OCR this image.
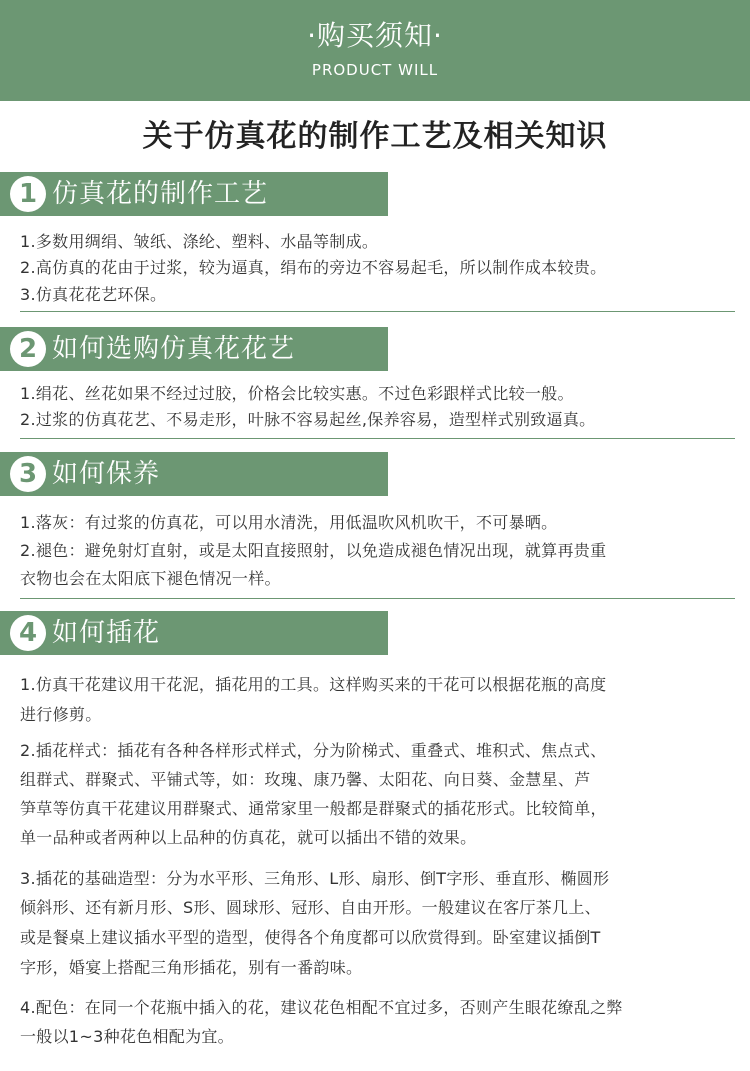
·购买须知·
PRODUCT WILL
关于仿真花的制作工艺及相关知识
1 仿真花的制作工艺
1.多数用绸绢、皱纸、涤纶、塑料、水晶等制成。
2.高仿真的花由于过浆，较为逼真，绢布的旁边不容易起毛，所以制作成本较贵。
3.仿真花花艺环保。
2 如何选购仿真花花艺
1.绢花、丝花如果不经过过胶，价格会比较实惠。不过色彩跟样式比较一般。
2.过浆的仿真花艺、不易走形，叶脉不容易起丝,保养容易，造型样式别致逼真。
3 如何保养
1.落灰：有过浆的仿真花，可以用水清洗，用低温吹风机吹干，不可暴晒。
2.褪色：避免射灯直射，或是太阳直接照射，以免造成褪色情况出现，就算再贵重
衣物也会在太阳底下褪色情况一样。
4 如何插花
1.仿真干花建议用干花泥，插花用的工具。这样购买来的干花可以根据花瓶的高度
进行修剪。
2.插花样式：插花有各种各样形式样式，分为阶梯式、重叠式、堆积式、焦点式、
组群式、群聚式、平铺式等，如：玫瑰、康乃馨、太阳花、向日葵、金慧星、芦
笋草等仿真干花建议用群聚式、通常家里一般都是群聚式的插花形式。比较简单，
单一品种或者两种以上品种的仿真花，就可以插出不错的效果。
3.插花的基础造型：分为水平形、三角形、L形、扇形、倒T字形、垂直形、椭圆形
倾斜形、还有新月形、S形、圆球形、冠形、自由开形。一般建议在客厅茶几上、
或是餐桌上建议插水平型的造型，使得各个角度都可以欣赏得到。卧室建议插倒T
字形，婚宴上搭配三角形插花，别有一番韵味。
4.配色：在同一个花瓶中插入的花，建议花色相配不宜过多，否则产生眼花缭乱之弊
一般以1~3种花色相配为宜。
